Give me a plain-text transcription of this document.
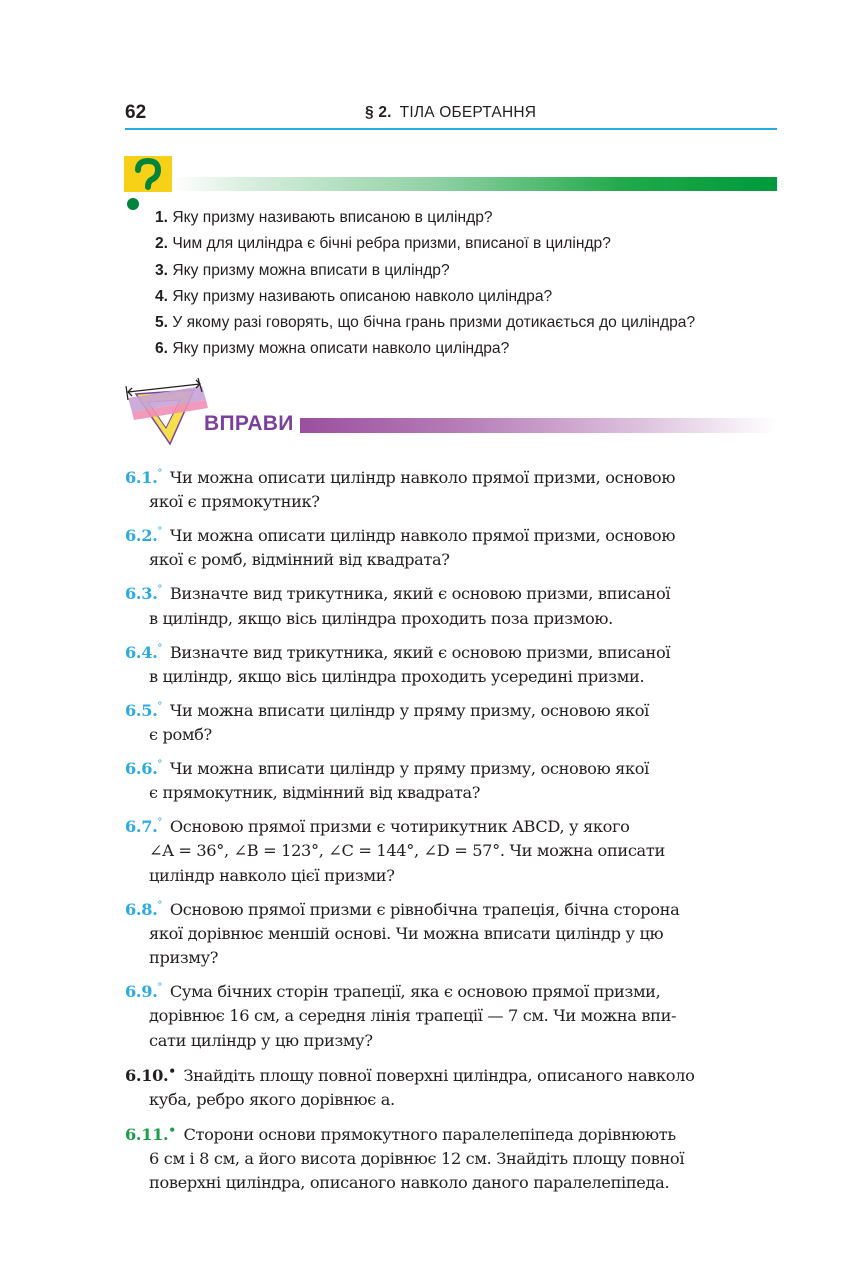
62	§ 2. ТІЛА ОБЕРТАННЯ
1. Яку призму називають вписаною в циліндр?
2. Чим для циліндра є бічні ребра призми, вписаної в циліндр?
3. Яку призму можна вписати в циліндр?
4. Яку призму називають описаною навколо циліндра?
5. У якому разі говорять, що бічна грань призми дотикається до циліндра?
6. Яку призму можна описати навколо циліндра?
ВПРАВИ
6.1.° Чи можна описати циліндр навколо прямої призми, основою
якої є прямокутник?
6.2.° Чи можна описати циліндр навколо прямої призми, основою
якої є ромб, відмінний від квадрата?
6.3.° Визначте вид трикутника, який є основою призми, вписаної
в циліндр, якщо вісь циліндра проходить поза призмою.
6.4.° Визначте вид трикутника, який є основою призми, вписаної
в циліндр, якщо вісь циліндра проходить усередині призми.
6.5.° Чи можна вписати циліндр у пряму призму, основою якої
є ромб?
6.6.° Чи можна вписати циліндр у пряму призму, основою якої
є прямокутник, відмінний від квадрата?
6.7.° Основою прямої призми є чотирикутник ABCD, у якого
∠A = 36°, ∠B = 123°, ∠C = 144°, ∠D = 57°. Чи можна описати
циліндр навколо цієї призми?
6.8.° Основою прямої призми є рівнобічна трапеція, бічна сторона
якої дорівнює меншій основі. Чи можна вписати циліндр у цю
призму?
6.9.° Сума бічних сторін трапеції, яка є основою прямої призми,
дорівнює 16 см, а середня лінія трапеції — 7 см. Чи можна впи-
сати циліндр у цю призму?
6.10.• Знайдіть площу повної поверхні циліндра, описаного навколо
куба, ребро якого дорівнює a.
6.11.• Сторони основи прямокутного паралелепіпеда дорівнюють
6 см і 8 см, а його висота дорівнює 12 см. Знайдіть площу повної
поверхні циліндра, описаного навколо даного паралелепіпеда.
